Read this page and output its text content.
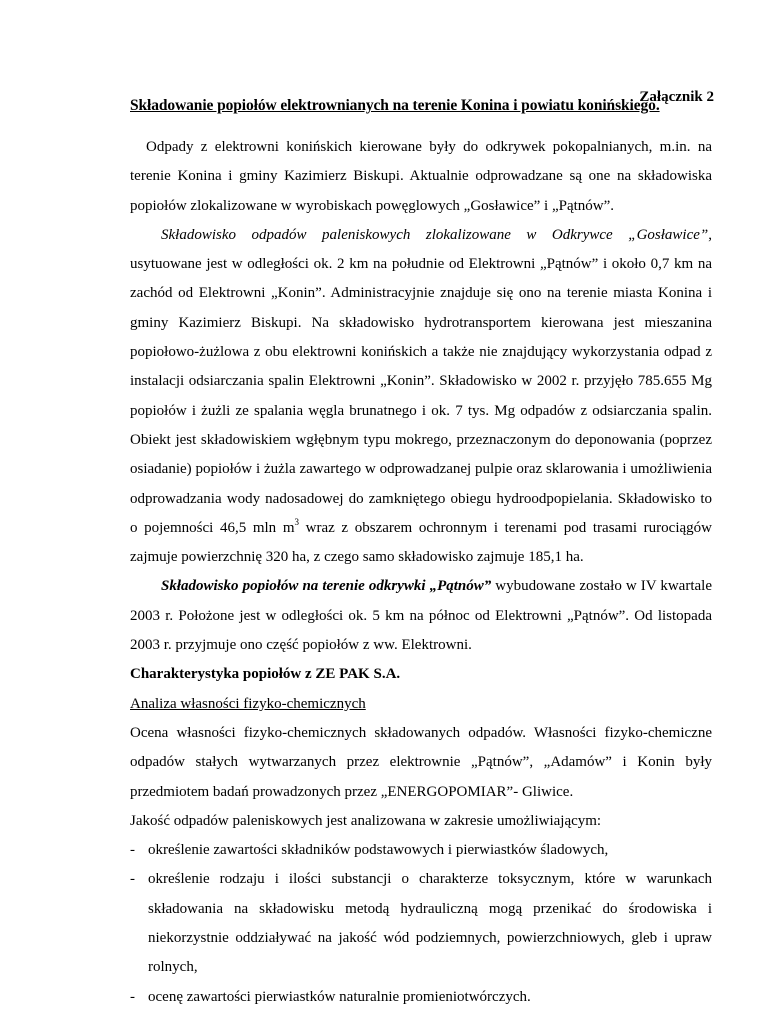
Załącznik 2
Składowanie popiołów elektrownianych na terenie Konina i powiatu konińskiego.

Odpady z elektrowni konińskich kierowane były do odkrywek pokopalnianych, m.in. na terenie Konina i gminy Kazimierz Biskupi. Aktualnie odprowadzane są one na składowiska popiołów zlokalizowane w wyrobiskach powęglowych „Gosławice” i „Pątnów”.

Składowisko odpadów paleniskowych zlokalizowane w Odkrywce „Gosławice”, usytuowane jest w odległości ok. 2 km na południe od Elektrowni „Pątnów” i około 0,7 km na zachód od Elektrowni „Konin”. Administracyjnie znajduje się ono na terenie miasta Konina i gminy Kazimierz Biskupi. Na składowisko hydrotransportem kierowana jest mieszanina popiołowo-żużlowa z obu elektrowni konińskich a także nie znajdujący wykorzystania odpad z instalacji odsiarczania spalin Elektrowni „Konin”. Składowisko w 2002 r. przyjęło 785.655 Mg popiołów i żużli ze spalania węgla brunatnego i ok. 7 tys. Mg odpadów z odsiarczania spalin. Obiekt jest składowiskiem wgłębnym typu mokrego, przeznaczonym do deponowania (poprzez osiadanie) popiołów i żużla zawartego w odprowadzanej pulpie oraz sklarowania i umożliwienia odprowadzania wody nadosadowej do zamkniętego obiegu hydroodpopielania. Składowisko to o pojemności 46,5 mln $m^3$ wraz z obszarem ochronnym i terenami pod trasami rurociągów zajmuje powierzchnię 320 ha, z czego samo składowisko zajmuje 185,1 ha.

Składowisko popiołów na terenie odkrywki „Pątnów” wybudowane zostało w IV kwartale 2003 r. Położone jest w odległości ok. 5 km na północ od Elektrowni „Pątnów”. Od listopada 2003 r. przyjmuje ono część popiołów z ww. Elektrowni.

Charakterystyka popiołów z ZE PAK S.A.

Analiza własności fizyko-chemicznych

Ocena własności fizyko-chemicznych składowanych odpadów. Własności fizyko-chemiczne odpadów stałych wytwarzanych przez elektrownie „Pątnów”, „Adamów” i Konin były przedmiotem badań prowadzonych przez „ENERGOPOMIAR”- Gliwice.

Jakość odpadów paleniskowych jest analizowana w zakresie umożliwiającym:

- określenie zawartości składników podstawowych i pierwiastków śladowych,
- określenie rodzaju i ilości substancji o charakterze toksycznym, które w warunkach składowania na składowisku metodą hydrauliczną mogą przenikać do środowiska i niekorzystnie oddziaływać na jakość wód podziemnych, powierzchniowych, gleb i upraw rolnych,
- ocenę zawartości pierwiastków naturalnie promieniotwórczych.
